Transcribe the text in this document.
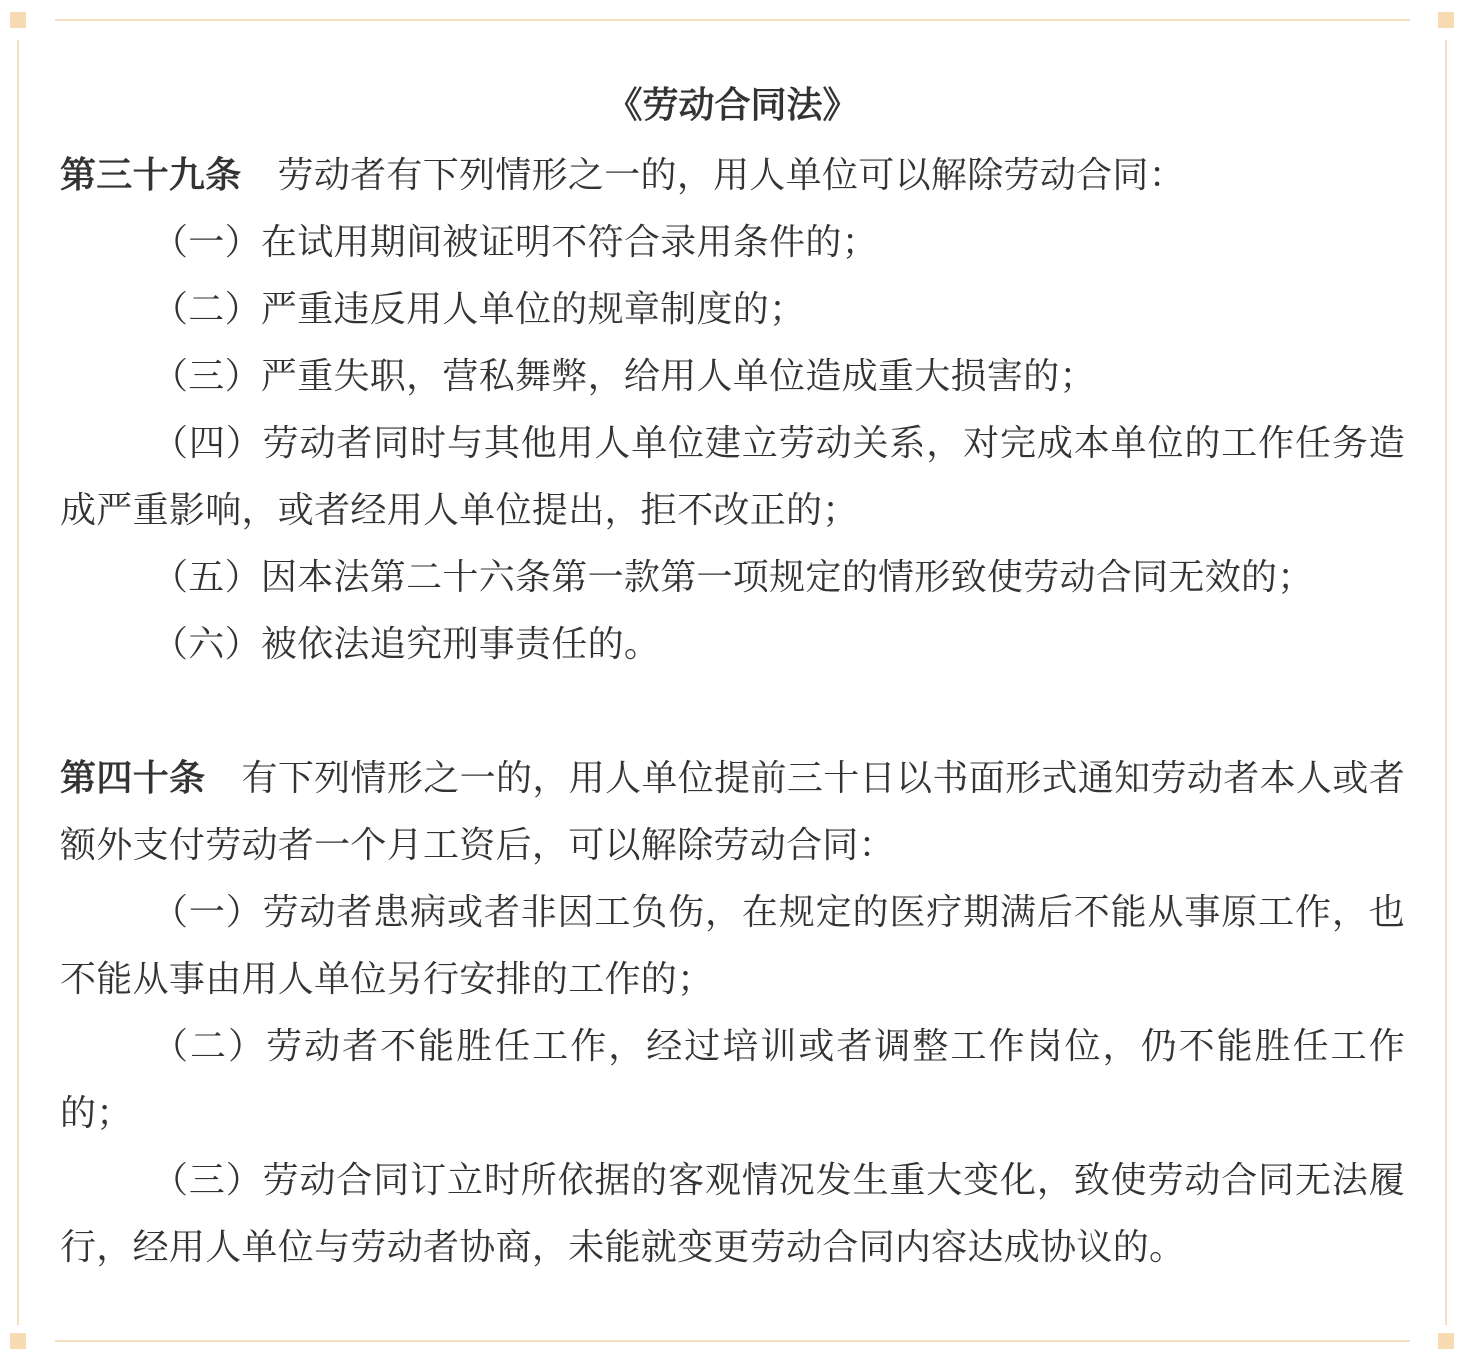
《劳动合同法》

第三十九条 劳动者有下列情形之一的，用人单位可以解除劳动合同：

（一）在试用期间被证明不符合录用条件的；

（二）严重违反用人单位的规章制度的；

（三）严重失职，营私舞弊，给用人单位造成重大损害的；

（四）劳动者同时与其他用人单位建立劳动关系，对完成本单位的工作任务造成严重影响，或者经用人单位提出，拒不改正的；

（五）因本法第二十六条第一款第一项规定的情形致使劳动合同无效的；

（六）被依法追究刑事责任的。

第四十条 有下列情形之一的，用人单位提前三十日以书面形式通知劳动者本人或者额外支付劳动者一个月工资后，可以解除劳动合同：

（一）劳动者患病或者非因工负伤，在规定的医疗期满后不能从事原工作，也不能从事由用人单位另行安排的工作的；

（二）劳动者不能胜任工作，经过培训或者调整工作岗位，仍不能胜任工作的；

（三）劳动合同订立时所依据的客观情况发生重大变化，致使劳动合同无法履行，经用人单位与劳动者协商，未能就变更劳动合同内容达成协议的。
